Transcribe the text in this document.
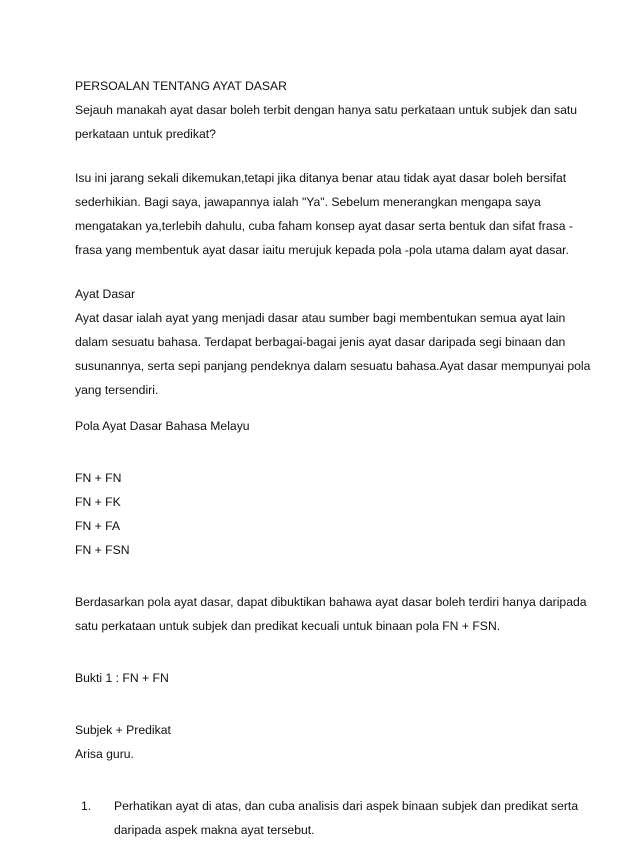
PERSOALAN TENTANG AYAT DASAR
Sejauh manakah ayat dasar boleh terbit dengan hanya satu perkataan untuk subjek dan satu
perkataan untuk predikat?
Isu ini jarang sekali dikemukan,tetapi jika ditanya benar atau tidak ayat dasar boleh bersifat
sederhikian. Bagi saya, jawapannya ialah "Ya". Sebelum menerangkan mengapa saya
mengatakan ya,terlebih dahulu, cuba faham konsep ayat dasar serta bentuk dan sifat frasa -
frasa yang membentuk ayat dasar iaitu merujuk kepada pola -pola utama dalam ayat dasar.
Ayat Dasar
Ayat dasar ialah ayat yang menjadi dasar atau sumber bagi membentukan semua ayat lain
dalam sesuatu bahasa. Terdapat berbagai-bagai jenis ayat dasar daripada segi binaan dan
susunannya, serta sepi panjang pendeknya dalam sesuatu bahasa.Ayat dasar mempunyai pola
yang tersendiri.
Pola Ayat Dasar Bahasa Melayu
FN + FN
FN + FK
FN + FA
FN + FSN
Berdasarkan pola ayat dasar, dapat dibuktikan bahawa ayat dasar boleh terdiri hanya daripada
satu perkataan untuk subjek dan predikat kecuali untuk binaan pola FN + FSN.
Bukti 1 : FN + FN
Subjek + Predikat
Arisa guru.
1. Perhatikan ayat di atas, dan cuba analisis dari aspek binaan subjek dan predikat serta
daripada aspek makna ayat tersebut.
